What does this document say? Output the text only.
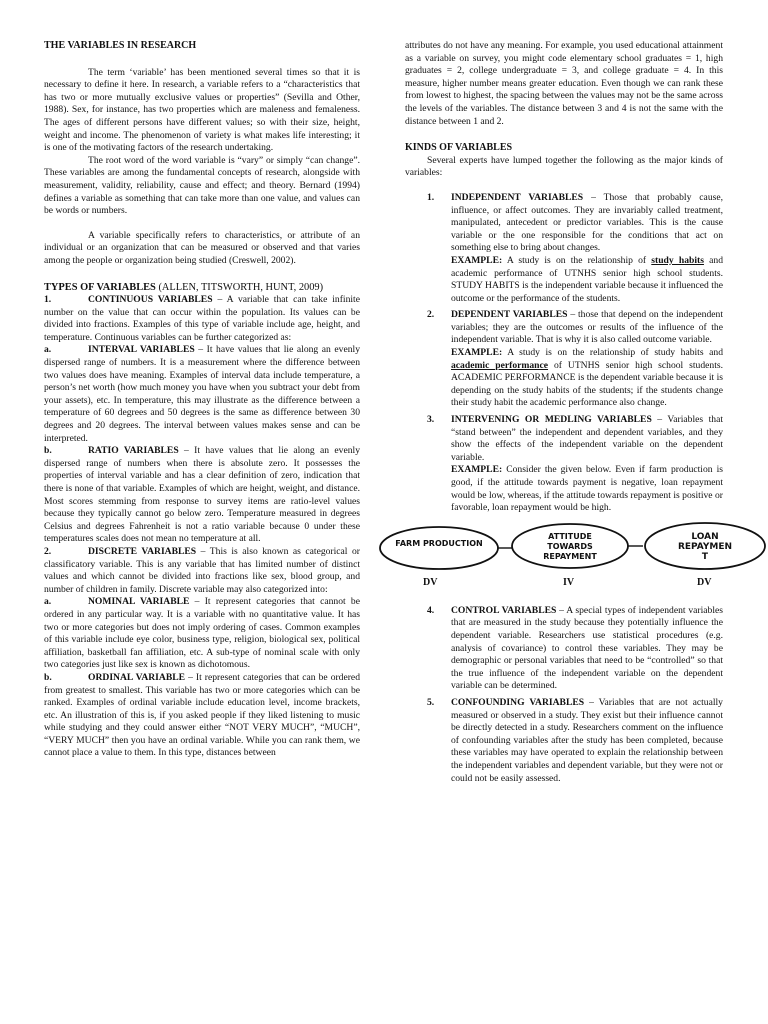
THE VARIABLES IN RESEARCH

The term ‘variable’ has been mentioned several times so that it is necessary to define it here. In research, a variable refers to a “characteristics that has two or more mutually exclusive values or properties” (Sevilla and Other, 1988). Sex, for instance, has two properties which are maleness and femaleness. The ages of different persons have different values; so with their size, height, weight and income. The phenomenon of variety is what makes life interesting; it is one of the motivating factors of the research undertaking.

The root word of the word variable is “vary” or simply “can change”. These variables are among the fundamental concepts of research, alongside with measurement, validity, reliability, cause and effect; and theory. Bernard (1994) defines a variable as something that can take more than one value, and values can be words or numbers.

A variable specifically refers to characteristics, or attribute of an individual or an organization that can be measured or observed and that varies among the people or organization being studied (Creswell, 2002).

TYPES OF VARIABLES (ALLEN, TITSWORTH, HUNT, 2009)

1.	CONTINUOUS VARIABLES – A variable that can take infinite number on the value that can occur within the population. Its values can be divided into fractions. Examples of this type of variable include age, height, and temperature. Continuous variables can be further categorized as:

a.	INTERVAL VARIABLES – It have values that lie along an evenly dispersed range of numbers. It is a measurement where the difference between two values does have meaning. Examples of interval data include temperature, a person’s net worth (how much money you have when you subtract your debt from your assets), etc. In temperature, this may illustrate as the difference between a temperature of 60 degrees and 50 degrees is the same as difference between 30 degrees and 20 degrees. The interval between values makes sense and can be interpreted.

b.	RATIO VARIABLES – It have values that lie along an evenly dispersed range of numbers when there is absolute zero. It possesses the properties of interval variable and has a clear definition of zero, indication that there is none of that variable. Examples of which are height, weight, and distance. Most scores stemming from response to survey items are ratio-level values because they typically cannot go below zero. Temperature measured in degrees Celsius and degrees Fahrenheit is not a ratio variable because 0 under these temperatures scales does not mean no temperature at all.

2.	DISCRETE VARIABLES – This is also known as categorical or classificatory variable. This is any variable that has limited number of distinct values and which cannot be divided into fractions like sex, blood group, and number of children in family. Discrete variable may also categorized into:

a.	NOMINAL VARIABLE – It represent categories that cannot be ordered in any particular way. It is a variable with no quantitative value. It has two or more categories but does not imply ordering of cases. Common examples of this variable include eye color, business type, religion, biological sex, political affiliation, basketball fan affiliation, etc. A sub-type of nominal scale with only two categories just like sex is known as dichotomous.

b.	ORDINAL VARIABLE – It represent categories that can be ordered from greatest to smallest. This variable has two or more categories which can be ranked. Examples of ordinal variable include education level, income brackets, etc. An illustration of this is, if you asked people if they liked listening to music while studying and they could answer either “NOT VERY MUCH”, “MUCH”, “VERY MUCH” then you have an ordinal variable. While you can rank them, we cannot place a value to them. In this type, distances between

attributes do not have any meaning. For example, you used educational attainment as a variable on survey, you might code elementary school graduates = 1, high graduates = 2, college undergraduate = 3, and college graduate = 4. In this measure, higher number means greater education. Even though we can rank these from lowest to highest, the spacing between the values may not be the same across the levels of the variables. The distance between 3 and 4 is not the same with the distance between 1 and 2.

KINDS OF VARIABLES

Several experts have lumped together the following as the major kinds of variables:

1. INDEPENDENT VARIABLES – Those that probably cause, influence, or affect outcomes. They are invariably called treatment, manipulated, antecedent or predictor variables. This is the cause variable or the one responsible for the conditions that act on something else to bring about changes.

EXAMPLE: A study is on the relationship of study habits and academic performance of UTNHS senior high school students. STUDY HABITS is the independent variable because it influenced the outcome or the performance of the students.

2. DEPENDENT VARIABLES – those that depend on the independent variables; they are the outcomes or results of the influence of the independent variable. That is why it is also called outcome variable.

EXAMPLE: A study is on the relationship of study habits and academic performance of UTNHS senior high school students. ACADEMIC PERFORMANCE is the dependent variable because it is depending on the study habits of the students; if the students change their study habit the academic performance also change.

3. INTERVENING OR MEDLING VARIABLES – Variables that “stand between” the independent and dependent variables, and they show the effects of the independent variable on the dependent variable.

EXAMPLE: Consider the given below. Even if farm production is good, if the attitude towards payment is negative, loan repayment would be low, whereas, if the attitude towards repayment is positive or favorable, loan repayment would be high.

FARM PRODUCTION
ATTITUDE TOWARDS REPAYMENT
LOAN REPAYMEN T
DV	IV	DV
4. CONTROL VARIABLES – A special types of independent variables that are measured in the study because they potentially influence the dependent variable. Researchers use statistical procedures (e.g. analysis of covariance) to control these variables. They may be demographic or personal variables that need to be “controlled” so that the true influence of the independent variable on the dependent variable can be determined.

5. CONFOUNDING VARIABLES – Variables that are not actually measured or observed in a study. They exist but their influence cannot be directly detected in a study. Researchers comment on the influence of confounding variables after the study has been completed, because these variables may have operated to explain the relationship between the independent variables and dependent variable, but they were not or could not be easily assessed.
